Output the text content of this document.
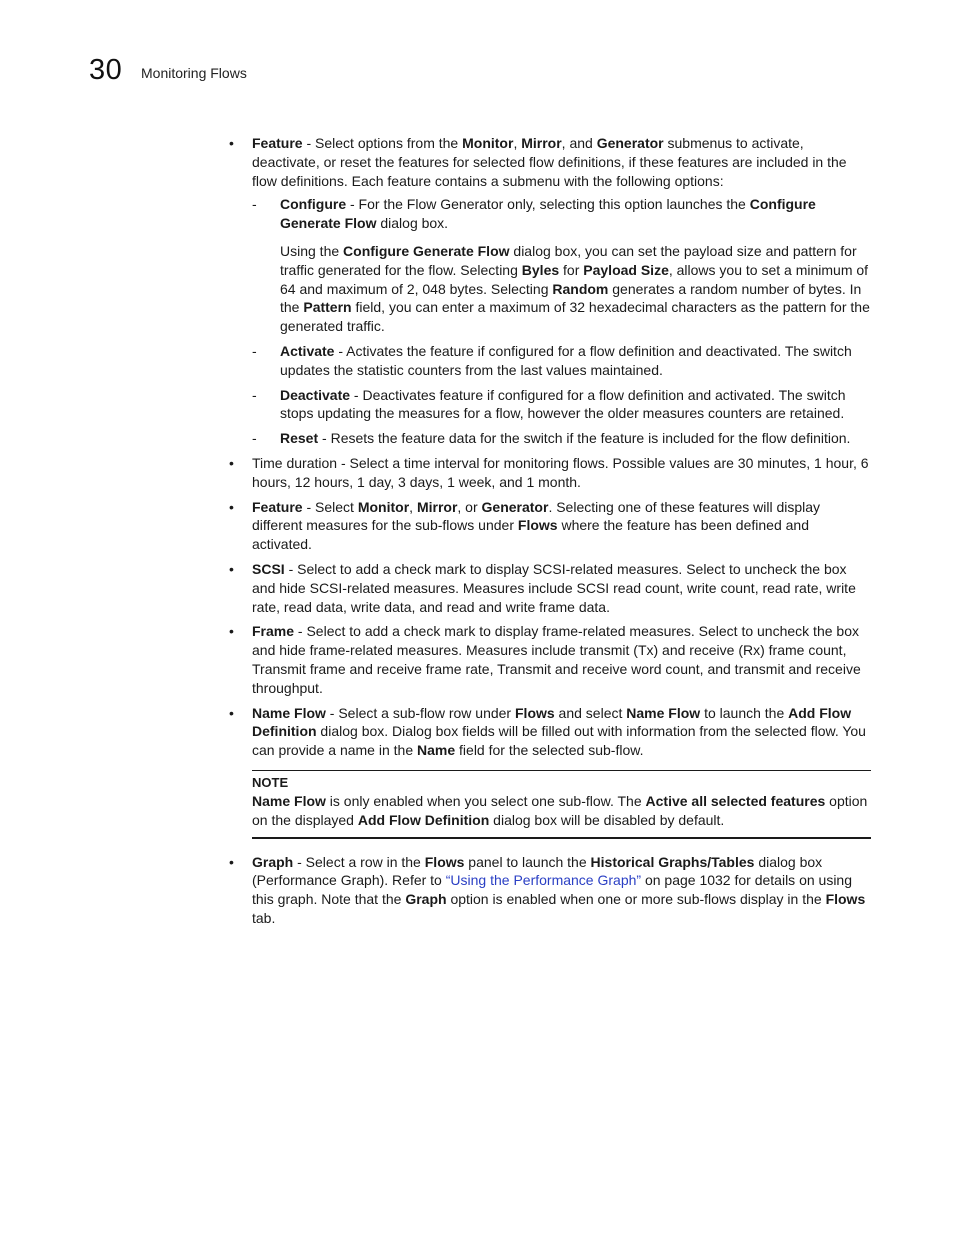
30 Monitoring Flows
• Feature - Select options from the Monitor, Mirror, and Generator submenus to activate, deactivate, or reset the features for selected flow definitions, if these features are included in the flow definitions. Each feature contains a submenu with the following options:
- Configure - For the Flow Generator only, selecting this option launches the Configure Generate Flow dialog box.
Using the Configure Generate Flow dialog box, you can set the payload size and pattern for traffic generated for the flow. Selecting Byles for Payload Size, allows you to set a minimum of 64 and maximum of 2, 048 bytes. Selecting Random generates a random number of bytes. In the Pattern field, you can enter a maximum of 32 hexadecimal characters as the pattern for the generated traffic.
- Activate - Activates the feature if configured for a flow definition and deactivated. The switch updates the statistic counters from the last values maintained.
- Deactivate - Deactivates feature if configured for a flow definition and activated. The switch stops updating the measures for a flow, however the older measures counters are retained.
- Reset - Resets the feature data for the switch if the feature is included for the flow definition.
• Time duration - Select a time interval for monitoring flows. Possible values are 30 minutes, 1 hour, 6 hours, 12 hours, 1 day, 3 days, 1 week, and 1 month.
• Feature - Select Monitor, Mirror, or Generator. Selecting one of these features will display different measures for the sub-flows under Flows where the feature has been defined and activated.
• SCSI - Select to add a check mark to display SCSI-related measures. Select to uncheck the box and hide SCSI-related measures. Measures include SCSI read count, write count, read rate, write rate, read data, write data, and read and write frame data.
• Frame - Select to add a check mark to display frame-related measures. Select to uncheck the box and hide frame-related measures. Measures include transmit (Tx) and receive (Rx) frame count, Transmit frame and receive frame rate, Transmit and receive word count, and transmit and receive throughput.
• Name Flow - Select a sub-flow row under Flows and select Name Flow to launch the Add Flow Definition dialog box. Dialog box fields will be filled out with information from the selected flow. You can provide a name in the Name field for the selected sub-flow.
NOTE
Name Flow is only enabled when you select one sub-flow. The Active all selected features option on the displayed Add Flow Definition dialog box will be disabled by default.
• Graph - Select a row in the Flows panel to launch the Historical Graphs/Tables dialog box (Performance Graph). Refer to “Using the Performance Graph” on page 1032 for details on using this graph. Note that the Graph option is enabled when one or more sub-flows display in the Flows tab.
